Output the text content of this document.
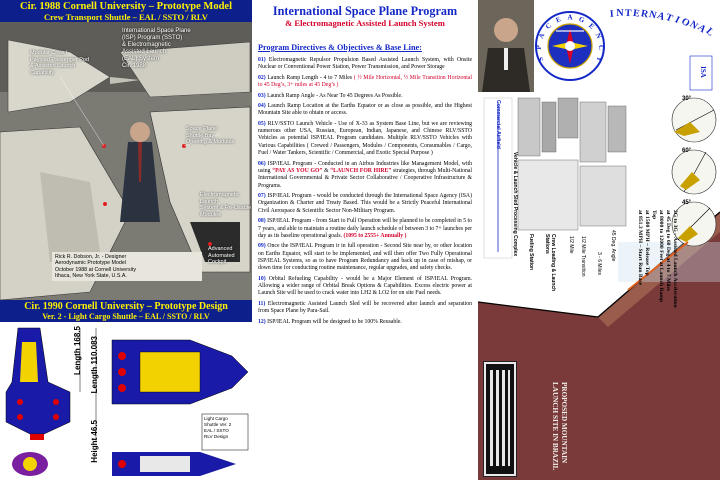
Cir. 1988 Cornell University – Prototype Model
Crew Transport Shuttle – EAL / SSTO / RLV
International Space Plane
(ISP) Program (SSTO)
& Electromagnetic
Assisted Launch
(EAL) System
Cir. 1988
Modular Crew /
Payload Passenger Pod
& Assisted Launch
Capability
Space Plane
Shuttle Bay
Opening & Modules
Electromagnetic
Launch
System & Re-Usable
Modules
Advanced
Automated
Cockpit
Rick R. Dobson, Jr. - Designer
Aerodynamic Prototype Model
October 1988 at Cornell University
Ithaca, New York State, U.S.A.
Cir. 1990 Cornell University – Prototype Design
Ver. 2 - Light Cargo Shuttle – EAL / SSTO / RLV
Length 168.5
Length 110.083
Height 46.5
Light Cargo
Shuttle Ver. 2
EAL / SSTO
RLV Design
International Space Plane Program
& Electromagnetic Assisted Launch System
Program Directives & Objectives & Base Line:
01) Electromagnetic Repulsor Propulsion Based Assisted Launch System, with Onsite Nuclear or Conventional Power Station, Power Transmission, and Power Storage
02) Launch Ramp Length - 4 to 7 Miles ( ½ Mile Horizontal, ½ Mile Transition Horizontal to 45 Deg’s, 3+ miles at 45 Deg’s )
03) Launch Ramp Angle - As Near To 45 Degrees As Possible.
04) Launch Ramp Location at the Earths Equator or as close as possible, and the Highest Mountain Site able to obtain or access.
05) RLV/SSTO Launch Vehicle - Use of X-33 as System Base Line, but we are reviewing numerous other USA, Russian, European, Indian, Japanese, and Chinese RLV/SSTO Vehicles as potential ISP/IEAL Program candidates. Multiple RLV/SSTO Vehicles with Various Capabilities ( Crewed / Passengers, Modules / Components, Consumables / Cargo, Fuel / Water Tankers, Scientific / Commercial, and Exotic Special Purpose )
06) ISP/IEAL Program - Conducted in an Airbus Industries like Management Model, with using “PAY AS YOU GO” & “LAUNCH FOR HIRE” strategies, through Multi-National International Governmental & Private Sector Collaborative / Cooperative Infrastructure & Programs.
07) ISP/IEAL Program - would be conducted through the International Space Agency (ISA) Organization & Charter and Treaty Based. This would be a Strictly Peaceful International Civil Aerospace & Scientific Sector Non-Military Program.
08) ISP/IEAL Program - from Start to Full Operation will be planned to be completed in 5 to 7 years, and able to maintain a routine daily launch schedule of between 3 to 7+ launches per day as its baseline operational goals. (1095 to 2555+ Annually )
09) Once the ISP/IEAL Program ir in full operation - Second Site near by, or other location on Earths Equator, will start to be implemented, and will then offer Two Fully Operational ISP/IEAL Systems, so as to have Program Redundancy and back up in case of mishap, or down time for conducting routine maintenance, regular upgrades, and safety checks.
10) Orbital Refueling Capability - would be a Major Element of ISP/IEAL Program. Allowing a wider range of Orbital Break Options & Capabilities. Excess electric power at Launch Site will be used to crack water into LH2 & LO2 for on site Fuel needs.
11) Electromagnetic Assisted Launch Sled will be recovered after launch and separation from Space Plane by Para-Sail.
12) ISP/IEAL Program will be designed to be 100% Reusable.
I N T E R
N
A
T
I
O
N
A
L
S
P
A
C
E A G
E
N
C
Y
ISA
Commercial Airfield
Vehicle & Launch Sled Processing Complex	Fueling Station	Crew Loading & Launch Stations	1/2 Mile	1/2 Mile Transition	3 - 6 Miles
45 Deg. Angle
30°
60°
45°
2G to 3G – Assisted Launch Acceleration
at 45 Deg to 60 Deg at 4 to 7 Miles
at 8000 to 12000 Feet at Launch Ramp Top
at 1500 MPH – Release Top
at 851.3 MPH – Start Run Base
PROPOSED MOUNTAIN
LAUNCH SITE IN BRAZIL
